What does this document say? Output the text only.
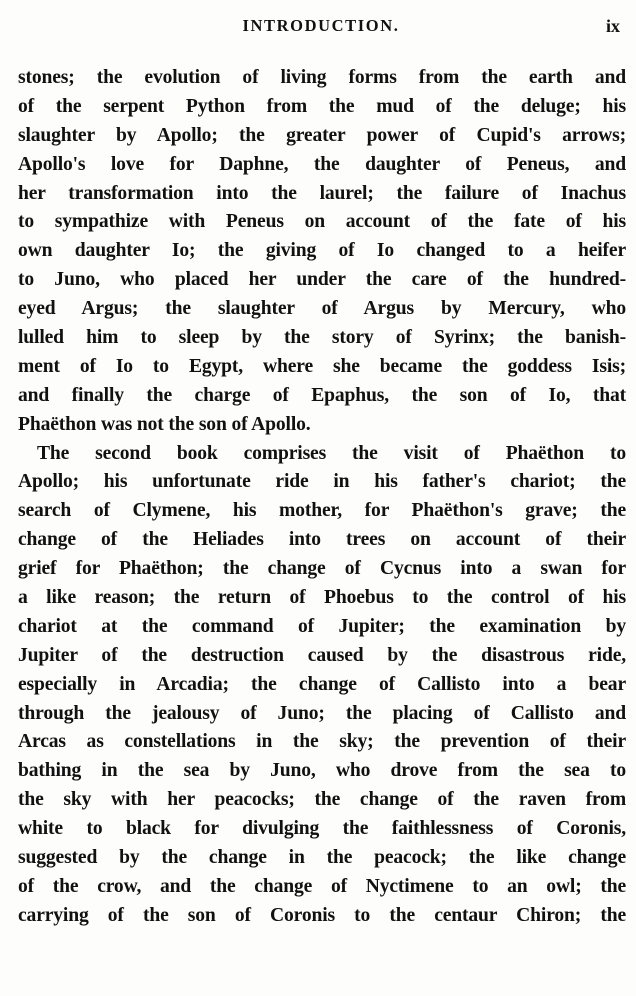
INTRODUCTION.	ix
stones; the evolution of living forms from the earth and
of the serpent Python from the mud of the deluge; his
slaughter by Apollo; the greater power of Cupid's arrows;
Apollo's love for Daphne, the daughter of Peneus, and
her transformation into the laurel; the failure of Inachus
to sympathize with Peneus on account of the fate of his
own daughter Io; the giving of Io changed to a heifer
to Juno, who placed her under the care of the hundred-
eyed Argus; the slaughter of Argus by Mercury, who
lulled him to sleep by the story of Syrinx; the banish-
ment of Io to Egypt, where she became the goddess Isis;
and finally the charge of Epaphus, the son of Io, that
Phaëthon was not the son of Apollo.
The second book comprises the visit of Phaëthon to
Apollo; his unfortunate ride in his father's chariot; the
search of Clymene, his mother, for Phaëthon's grave; the
change of the Heliades into trees on account of their
grief for Phaëthon; the change of Cycnus into a swan for
a like reason; the return of Phoebus to the control of his
chariot at the command of Jupiter; the examination by
Jupiter of the destruction caused by the disastrous ride,
especially in Arcadia; the change of Callisto into a bear
through the jealousy of Juno; the placing of Callisto and
Arcas as constellations in the sky; the prevention of their
bathing in the sea by Juno, who drove from the sea to
the sky with her peacocks; the change of the raven from
white to black for divulging the faithlessness of Coronis,
suggested by the change in the peacock; the like change
of the crow, and the change of Nyctimene to an owl; the
carrying of the son of Coronis to the centaur Chiron; the
